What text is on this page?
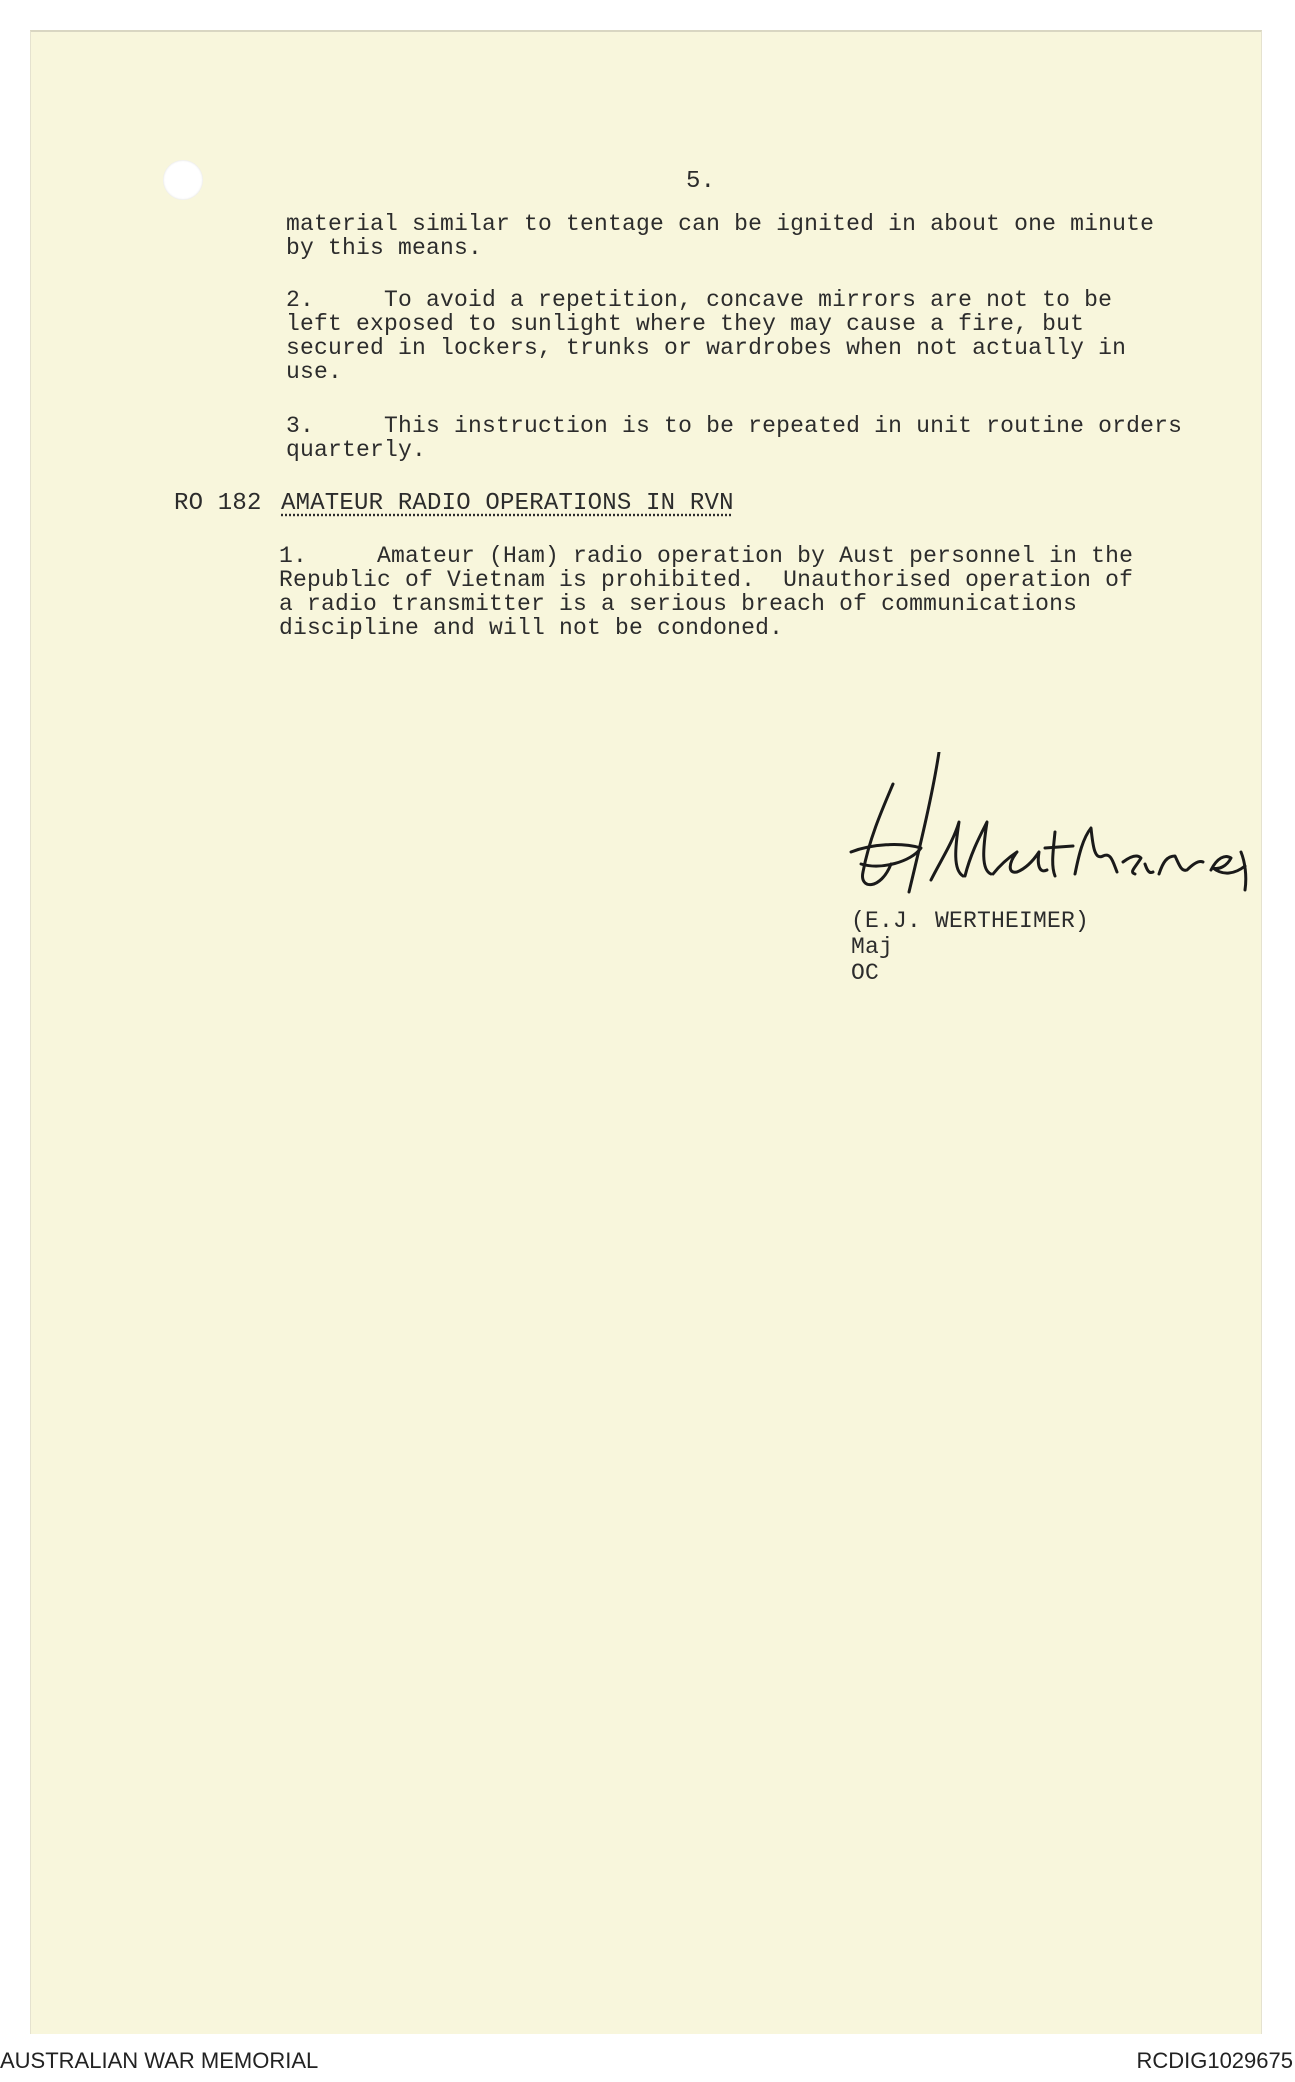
5.
material similar to tentage can be ignited in about one minute
by this means.
2.     To avoid a repetition, concave mirrors are not to be
left exposed to sunlight where they may cause a fire, but
secured in lockers, trunks or wardrobes when not actually in
use.
3.     This instruction is to be repeated in unit routine orders
quarterly.
RO 182 AMATEUR RADIO OPERATIONS IN RVN
1.     Amateur (Ham) radio operation by Aust personnel in the
Republic of Vietnam is prohibited.  Unauthorised operation of
a radio transmitter is a serious breach of communications
discipline and will not be condoned.
(E.J. WERTHEIMER)
Maj
OC
AUSTRALIAN WAR MEMORIAL	RCDIG1029675
